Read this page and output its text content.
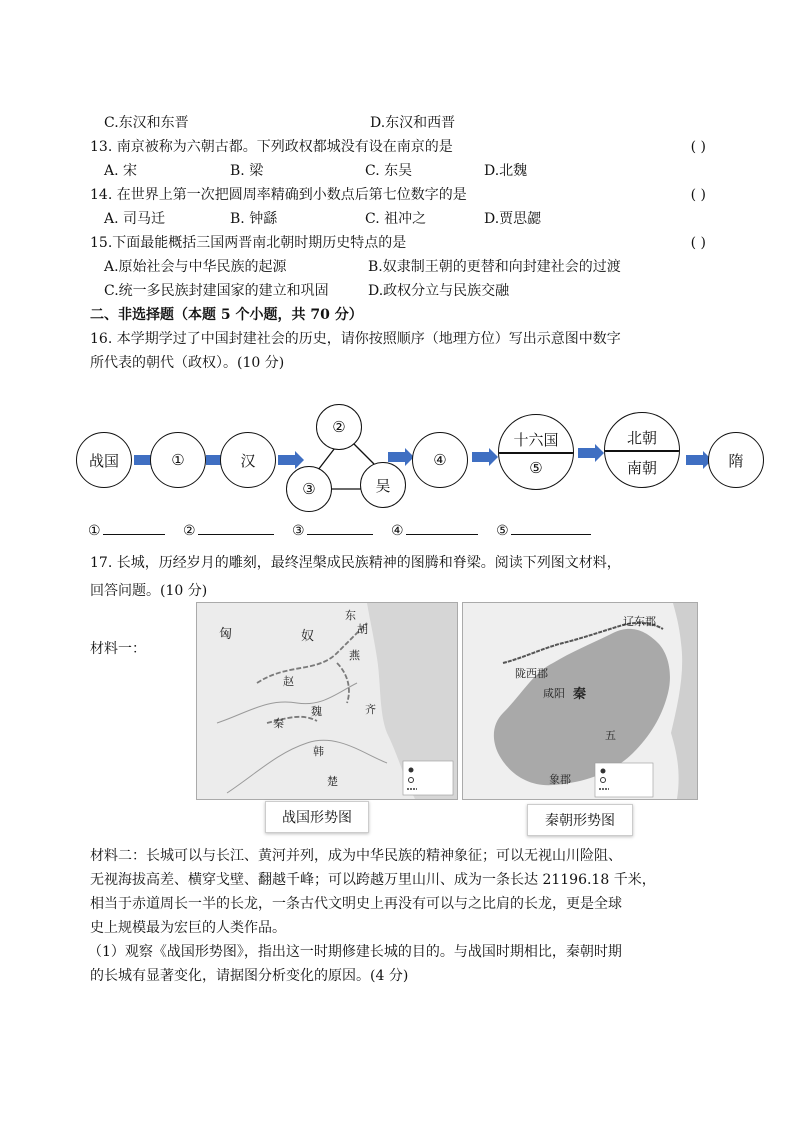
C.东汉和东晋	D.东汉和西晋
13. 南京被称为六朝古都。下列政权都城没有设在南京的是	( )
A. 宋	B. 梁	C. 东吴	D.北魏
14. 在世界上第一次把圆周率精确到小数点后第七位数字的是	( )
A. 司马迁	B. 钟繇	C. 祖冲之	D.贾思勰
15.下面最能概括三国两晋南北朝时期历史特点的是	( )
A.原始社会与中华民族的起源	B.奴隶制王朝的更替和向封建社会的过渡
C.统一多民族封建国家的建立和巩固	D.政权分立与民族交融
二、非选择题（本题 5 个小题，共 70 分）
16. 本学期学过了中国封建社会的历史，请你按照顺序（地理方位）写出示意图中数字
所代表的朝代（政权）。(10 分)
战国	①	汉
②
③	吴
④
十六国
⑤
北朝
南朝	隋
①	②	③	④	⑤
17. 长城，历经岁月的雕刻，最终涅槃成民族精神的图腾和脊梁。阅读下列图文材料，
回答问题。(10 分)
材料一：
匈	奴
东
胡
赵
燕
秦
魏
韩
楚
齐
战国形势图
秦
咸阳
陇西郡
辽东郡
五
象郡
秦朝形势图
材料二：长城可以与长江、黄河并列，成为中华民族的精神象征；可以无视山川险阻、
无视海拔高差、横穿戈壁、翻越千峰；可以跨越万里山川、成为一条长达 21196.18 千米，
相当于赤道周长一半的长龙，一条古代文明史上再没有可以与之比肩的长龙，更是全球
史上规模最为宏巨的人类作品。
（1）观察《战国形势图》，指出这一时期修建长城的目的。与战国时期相比，秦朝时期
的长城有显著变化，请据图分析变化的原因。(4 分)
